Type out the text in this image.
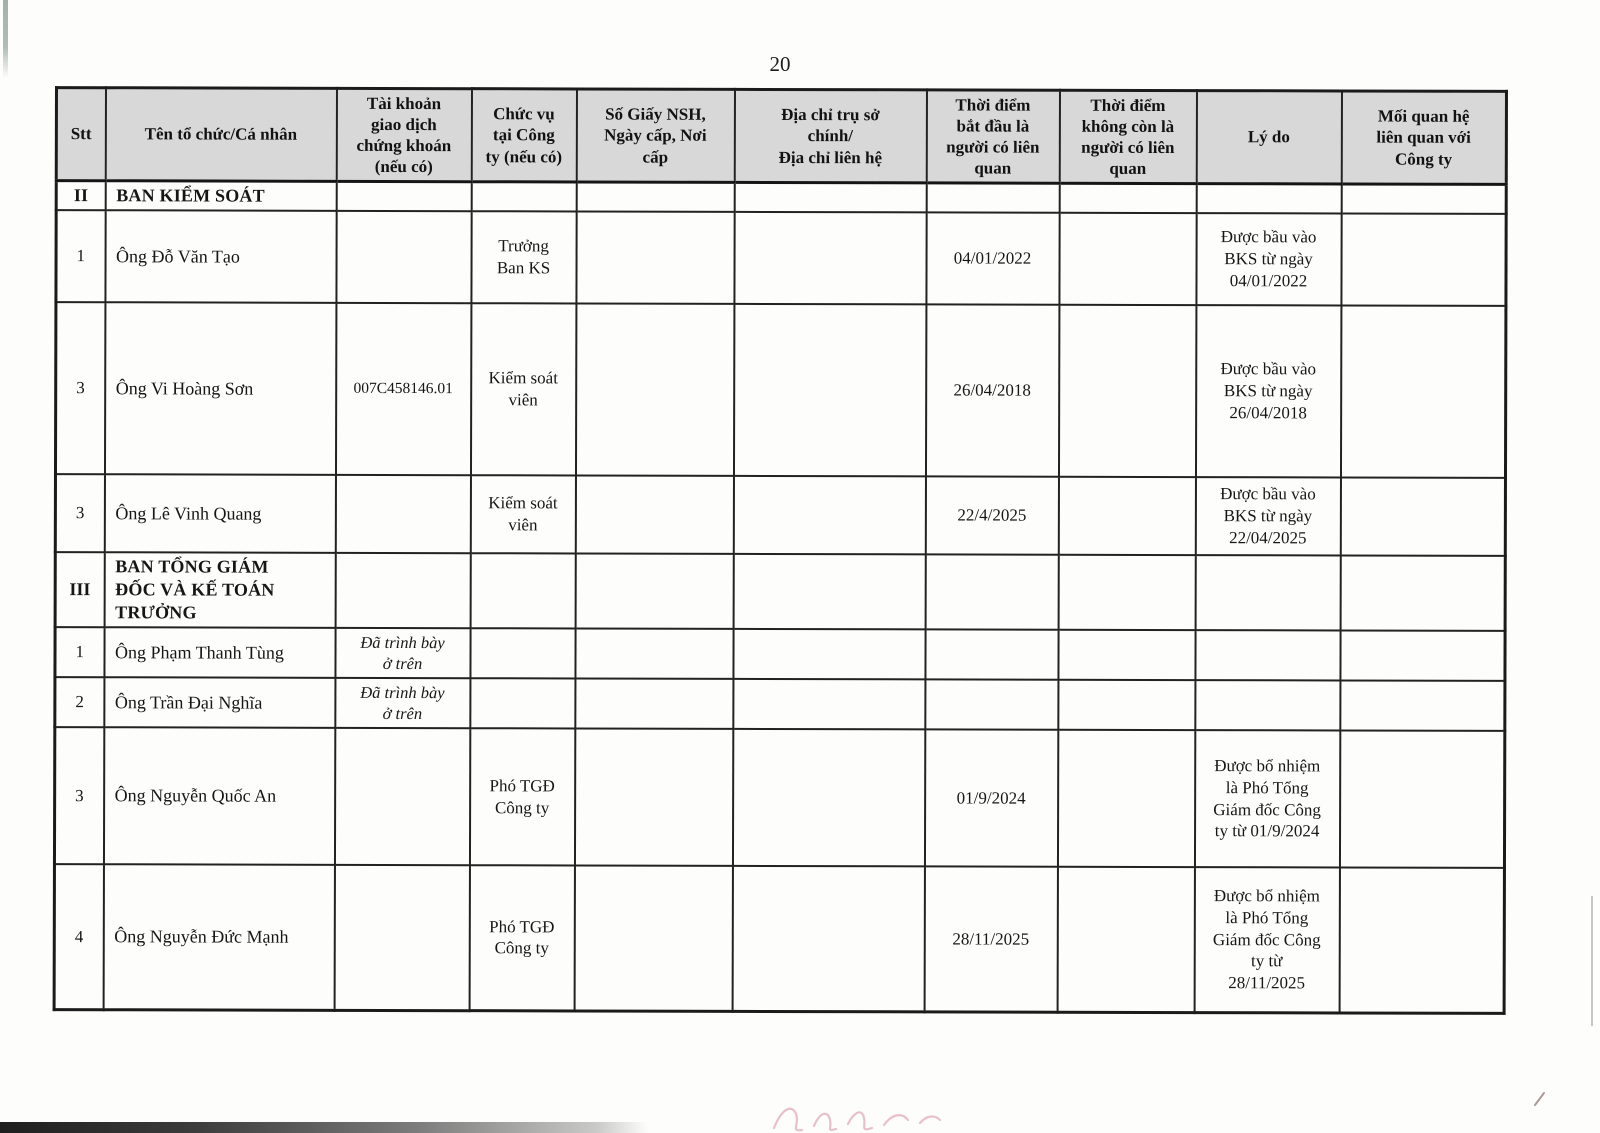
20
Stt	Tên tổ chức/Cá nhân	Tài khoản
giao dịch
chứng khoán
(nếu có)	Chức vụ
tại Công
ty (nếu có)	Số Giấy NSH,
Ngày cấp, Nơi
cấp	Địa chỉ trụ sở
chính/
Địa chỉ liên hệ	Thời điểm
bắt đầu là
người có liên
quan	Thời điểm
không còn là
người có liên
quan	Lý do	Mối quan hệ
liên quan với
Công ty
II	BAN KIỂM SOÁT								
1	Ông Đỗ Văn Tạo		Trưởng
Ban KS			04/01/2022		Được bầu vào
BKS từ ngày
04/01/2022	
3	Ông Vi Hoàng Sơn	007C458146.01	Kiểm soát
viên			26/04/2018		Được bầu vào
BKS từ ngày
26/04/2018	
3	Ông Lê Vinh Quang		Kiểm soát
viên			22/4/2025		Được bầu vào
BKS từ ngày
22/04/2025	
III	BAN TỔNG GIÁM
ĐỐC VÀ KẾ TOÁN
TRƯỞNG								
1	Ông Phạm Thanh Tùng	Đã trình bày
ở trên							
2	Ông Trần Đại Nghĩa	Đã trình bày
ở trên							
3	Ông Nguyễn Quốc An		Phó TGĐ
Công ty			01/9/2024		Được bổ nhiệm
là Phó Tổng
Giám đốc Công
ty từ 01/9/2024	
4	Ông Nguyễn Đức Mạnh		Phó TGĐ
Công ty			28/11/2025		Được bổ nhiệm
là Phó Tổng
Giám đốc Công
ty từ
28/11/2025	
